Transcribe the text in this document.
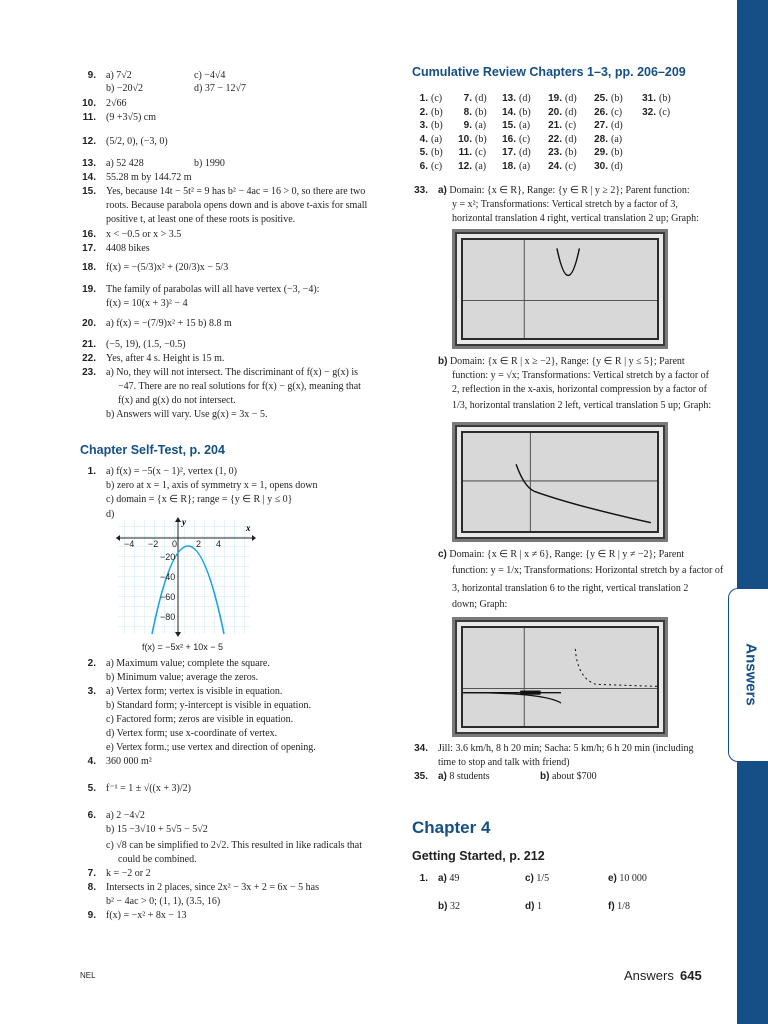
Answers
9. a) 7√2	c) −4√4
b) −20√2	d) 37 − 12√7
10. 2√66
11. (9 +3√5) cm
12. (5/2, 0), (−3, 0)
13. a) 52 428	b) 1990
14. 55.28 m by 144.72 m
15. Yes, because 14t − 5t² = 9 has b² − 4ac = 16 > 0, so there are two
roots. Because parabola opens down and is above t-axis for small
positive t, at least one of these roots is positive.
16. x < −0.5 or x > 3.5
17. 4408 bikes
18. f(x) = −(5/3)x² + (20/3)x − 5/3
19. The family of parabolas will all have vertex (−3, −4):
f(x) = 10(x + 3)² − 4
20. a) f(x) = −(7/9)x² + 15 b) 8.8 m
21. (−5, 19), (1.5, −0.5)
22. Yes, after 4 s. Height is 15 m.
23. a) No, they will not intersect. The discriminant of f(x) − g(x) is
−47. There are no real solutions for f(x) − g(x), meaning that
f(x) and g(x) do not intersect.
b) Answers will vary. Use g(x) = 3x − 5.
Chapter Self-Test, p. 204
1. a) f(x) = −5(x − 1)², vertex (1, 0)
b) zero at x = 1, axis of symmetry x = 1, opens down
c) domain = {x ∈ R}; range = {y ∈ R | y ≤ 0}
d)
y
x
−4 −2 0 2 4
−20
−40
−60
−80
f(x) = −5x² + 10x − 5
2. a) Maximum value; complete the square.
b) Minimum value; average the zeros.
3. a) Vertex form; vertex is visible in equation.
b) Standard form; y-intercept is visible in equation.
c) Factored form; zeros are visible in equation.
d) Vertex form; use x-coordinate of vertex.
e) Vertex form.; use vertex and direction of opening.
4. 360 000 m²
5. f⁻¹ = 1 ± √((x + 3)/2)
6. a) 2 −4√2
b) 15 −3√10 + 5√5 − 5√2
c) √8 can be simplified to 2√2. This resulted in like radicals that
could be combined.
7. k = −2 or 2
8. Intersects in 2 places, since 2x² − 3x + 2 = 6x − 5 has
b² − 4ac > 0; (1, 1), (3.5, 16)
9. f(x) = −x² + 8x − 13
Cumulative Review Chapters 1–3, pp. 206–209
1. (c)	7. (d)	13. (d)	19. (d)	25. (b)	31. (b)
2. (b)	8. (b)	14. (b)	20. (d)	26. (c)	32. (c)
3. (b)	9. (a)	15. (a)	21. (c)	27. (d)
4. (a)	10. (b)	16. (c)	22. (d)	28. (a)
5. (b)	11. (c)	17. (d)	23. (b)	29. (b)
6. (c)	12. (a)	18. (a)	24. (c)	30. (d)
33. a) Domain: {x ∈ R}, Range: {y ∈ R | y ≥ 2}; Parent function:
y = x²; Transformations: Vertical stretch by a factor of 3,
horizontal translation 4 right, vertical translation 2 up; Graph:
b) Domain: {x ∈ R | x ≥ −2}, Range: {y ∈ R | y ≤ 5}; Parent
function: y = √x; Transformations: Vertical stretch by a factor of
2, reflection in the x-axis, horizontal compression by a factor of
1/3, horizontal translation 2 left, vertical translation 5 up; Graph:
c) Domain: {x ∈ R | x ≠ 6}, Range: {y ∈ R | y ≠ −2}; Parent
function: y = 1/x; Transformations: Horizontal stretch by a factor of
3, horizontal translation 6 to the right, vertical translation 2
down; Graph:
34. Jill: 3.6 km/h, 8 h 20 min; Sacha: 5 km/h; 6 h 20 min (including
time to stop and talk with friend)
35. a) 8 students	b) about $700
Chapter 4
Getting Started, p. 212
1. a) 49	c) 1/5	e) 10 000
b) 32	d) 1	f) 1/8
NEL	Answers 645
